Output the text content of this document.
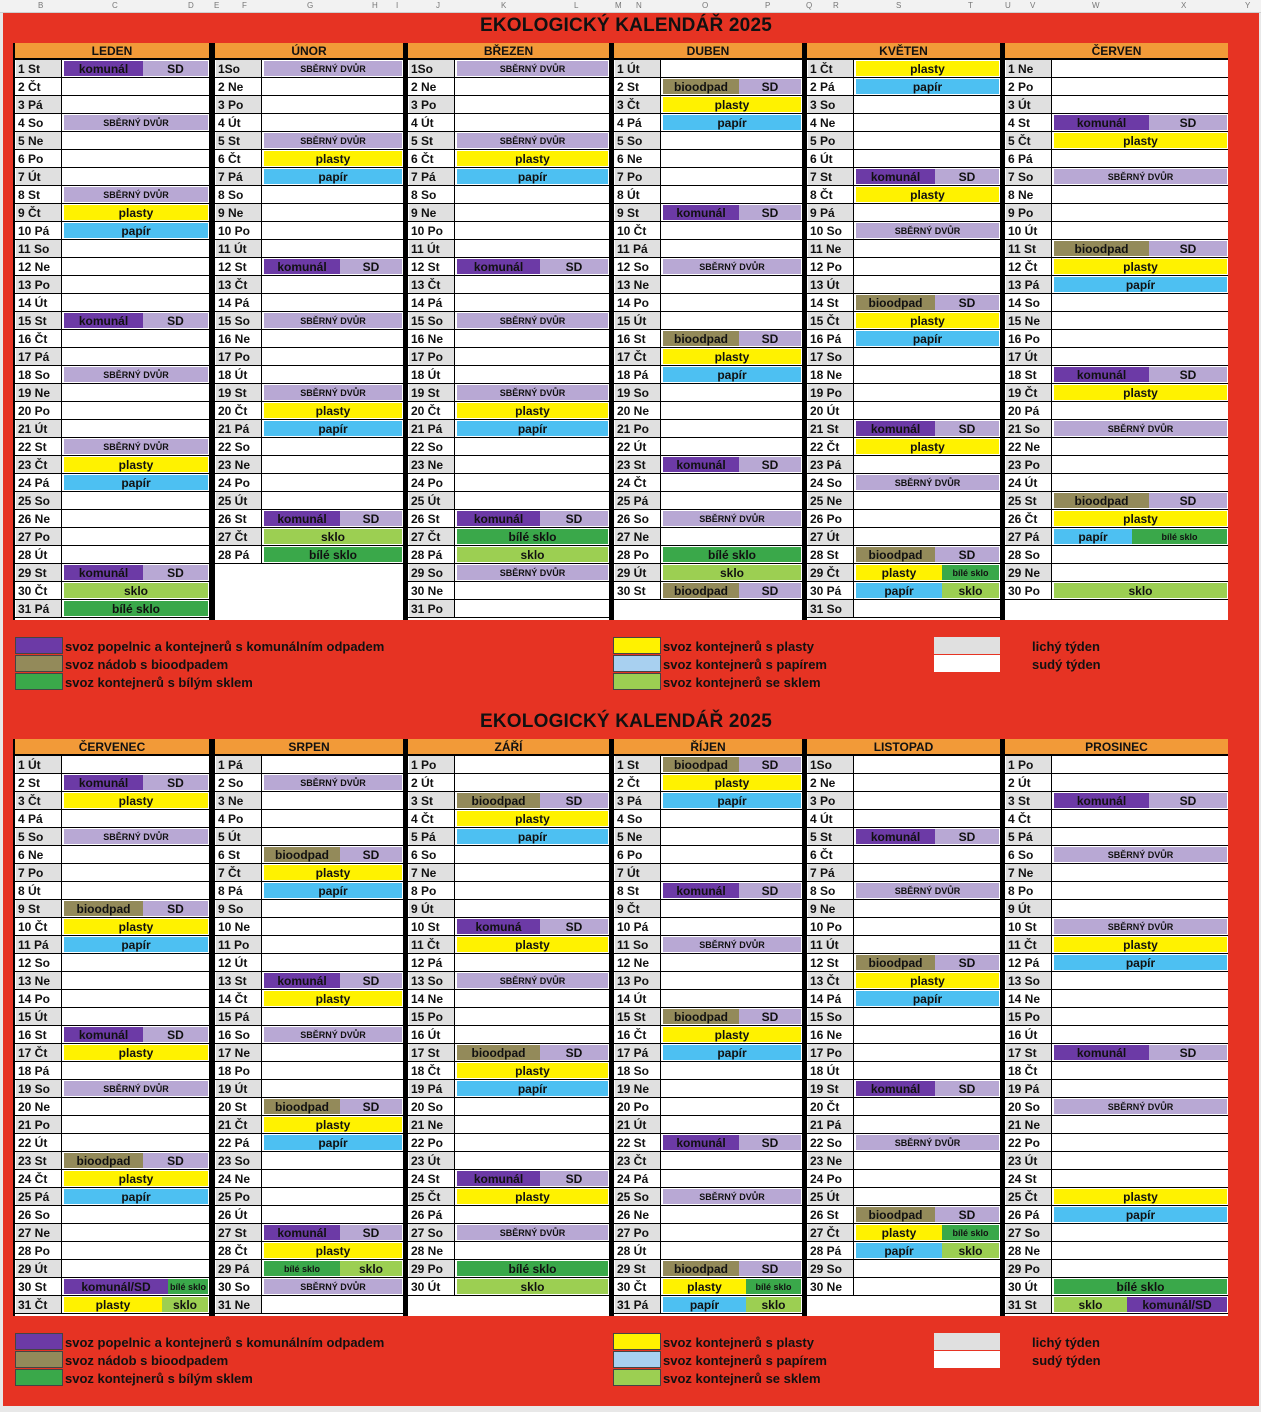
B	C	D	E	F	G	H I	J	K	L	M N	O	P	Q	R	S	T	U V	W	X	Y
EKOLOGICKÝ KALENDÁŘ 2025
LEDEN
1 St	komunál	SD
2 Čt
3 Pá
4 So	SBĚRNÝ DVŮR
5 Ne
6 Po
7 Út
8 St	SBĚRNÝ DVŮR
9 Čt	plasty
10 Pá	papír
11 So
12 Ne
13 Po
14 Út
15 St	komunál	SD
16 Čt
17 Pá
18 So	SBĚRNÝ DVŮR
19 Ne
20 Po
21 Út
22 St	SBĚRNÝ DVŮR
23 Čt	plasty
24 Pá	papír
25 So
26 Ne
27 Po
28 Út
29 St	komunál	SD
30 Čt	sklo
31 Pá	bílé sklo
ÚNOR
1So	SBĚRNÝ DVŮR
2 Ne
3 Po
4 Út
5 St	SBĚRNÝ DVŮR
6 Čt	plasty
7 Pá	papír
8 So
9 Ne
10 Po
11 Út
12 St	komunál	SD
13 Čt
14 Pá
15 So	SBĚRNÝ DVŮR
16 Ne
17 Po
18 Út
19 St	SBĚRNÝ DVŮR
20 Čt	plasty
21 Pá	papír
22 So
23 Ne
24 Po
25 Út
26 St	komunál	SD
27 Čt	sklo
28 Pá	bílé sklo
BŘEZEN
1So	SBĚRNÝ DVŮR
2 Ne
3 Po
4 Út
5 St	SBĚRNÝ DVŮR
6 Čt	plasty
7 Pá	papír
8 So
9 Ne
10 Po
11 Út
12 St	komunál	SD
13 Čt
14 Pá
15 So	SBĚRNÝ DVŮR
16 Ne
17 Po
18 Út
19 St	SBĚRNÝ DVŮR
20 Čt	plasty
21 Pá	papír
22 So
23 Ne
24 Po
25 Út
26 St	komunál	SD
27 Čt	bílé sklo
28 Pá	sklo
29 So	SBĚRNÝ DVŮR
30 Ne
31 Po
DUBEN
1 Út
2 St	bioodpad	SD
3 Čt	plasty
4 Pá	papír
5 So
6 Ne
7 Po
8 Út
9 St	komunál	SD
10 Čt
11 Pá
12 So	SBĚRNÝ DVŮR
13 Ne
14 Po
15 Út
16 St	bioodpad	SD
17 Čt	plasty
18 Pá	papír
19 So
20 Ne
21 Po
22 Út
23 St	komunál	SD
24 Čt
25 Pá
26 So	SBĚRNÝ DVŮR
27 Ne
28 Po	bílé sklo
29 Út	sklo
30 St	bioodpad	SD
KVĚTEN
1 Čt	plasty
2 Pá	papír
3 So
4 Ne
5 Po
6 Út
7 St	komunál	SD
8 Čt	plasty
9 Pá
10 So	SBĚRNÝ DVŮR
11 Ne
12 Po
13 Út
14 St	bioodpad	SD
15 Čt	plasty
16 Pá	papír
17 So
18 Ne
19 Po
20 Út
21 St	komunál	SD
22 Čt	plasty
23 Pá
24 So	SBĚRNÝ DVŮR
25 Ne
26 Po
27 Út
28 St	bioodpad	SD
29 Čt	plasty	bílé sklo
30 Pá	papír	sklo
31 So
ČERVEN
1 Ne
2 Po
3 Út
4 St	komunál	SD
5 Čt	plasty
6 Pá
7 So	SBĚRNÝ DVŮR
8 Ne
9 Po
10 Út
11 St	bioodpad	SD
12 Čt	plasty
13 Pá	papír
14 So
15 Ne
16 Po
17 Út
18 St	komunál	SD
19 Čt	plasty
20 Pá
21 So	SBĚRNÝ DVŮR
22 Ne
23 Po
24 Út
25 St	bioodpad	SD
26 Čt	plasty
27 Pá	papír	bílé sklo
28 So
29 Ne
30 Po	sklo
svoz popelnic a kontejnerů s komunálním odpadem
svoz nádob s bioodpadem
svoz kontejnerů s bílým sklem
svoz kontejnerů s plasty
svoz kontejnerů s papírem
svoz kontejnerů se sklem
lichý týden
sudý týden
EKOLOGICKÝ KALENDÁŘ 2025
ČERVENEC
1 Út
2 St	komunál	SD
3 Čt	plasty
4 Pá
5 So	SBĚRNÝ DVŮR
6 Ne
7 Po
8 Út
9 St	bioodpad	SD
10 Čt	plasty
11 Pá	papír
12 So
13 Ne
14 Po
15 Út
16 St	komunál	SD
17 Čt	plasty
18 Pá
19 So	SBĚRNÝ DVŮR
20 Ne
21 Po
22 Út
23 St	bioodpad	SD
24 Čt	plasty
25 Pá	papír
26 So
27 Ne
28 Po
29 Út
30 St	komunál/SD	bílé sklo
31 Čt	plasty	sklo
SRPEN
1 Pá
2 So	SBĚRNÝ DVŮR
3 Ne
4 Po
5 Út
6 St	bioodpad	SD
7 Čt	plasty
8 Pá	papír
9 So
10 Ne
11 Po
12 Út
13 St	komunál	SD
14 Čt	plasty
15 Pá
16 So	SBĚRNÝ DVŮR
17 Ne
18 Po
19 Út
20 St	bioodpad	SD
21 Čt	plasty
22 Pá	papír
23 So
24 Ne
25 Po
26 Út
27 St	komunál	SD
28 Čt	plasty
29 Pá	bílé sklo	sklo
30 So	SBĚRNÝ DVŮR
31 Ne
ZÁŘÍ
1 Po
2 Út
3 St	bioodpad	SD
4 Čt	plasty
5 Pá	papír
6 So
7 Ne
8 Po
9 Út
10 St	komuná	SD
11 Čt	plasty
12 Pá
13 So	SBĚRNÝ DVŮR
14 Ne
15 Po
16 Út
17 St	bioodpad	SD
18 Čt	plasty
19 Pá	papír
20 So
21 Ne
22 Po
23 Út
24 St	komunál	SD
25 Čt	plasty
26 Pá
27 So	SBĚRNÝ DVŮR
28 Ne
29 Po	bílé sklo
30 Út	sklo
ŘÍJEN
1 St	bioodpad	SD
2 Čt	plasty
3 Pá	papír
4 So
5 Ne
6 Po
7 Út
8 St	komunál	SD
9 Čt
10 Pá
11 So	SBĚRNÝ DVŮR
12 Ne
13 Po
14 Út
15 St	bioodpad	SD
16 Čt	plasty
17 Pá	papír
18 So
19 Ne
20 Po
21 Út
22 St	komunál	SD
23 Čt
24 Pá
25 So	SBĚRNÝ DVŮR
26 Ne
27 Po
28 Út
29 St	bioodpad	SD
30 Čt	plasty	bílé sklo
31 Pá	papír	sklo
LISTOPAD
1So
2 Ne
3 Po
4 Út
5 St	komunál	SD
6 Čt
7 Pá
8 So	SBĚRNÝ DVŮR
9 Ne
10 Po
11 Út
12 St	bioodpad	SD
13 Čt	plasty
14 Pá	papír
15 So
16 Ne
17 Po
18 Út
19 St	komunál	SD
20 Čt
21 Pá
22 So	SBĚRNÝ DVŮR
23 Ne
24 Po
25 Út
26 St	bioodpad	SD
27 Čt	plasty	bílé sklo
28 Pá	papír	sklo
29 So
30 Ne
PROSINEC
1 Po
2 Út
3 St	komunál	SD
4 Čt
5 Pá
6 So	SBĚRNÝ DVŮR
7 Ne
8 Po
9 Út
10 St	SBĚRNÝ DVŮR
11 Čt	plasty
12 Pá	papír
13 So
14 Ne
15 Po
16 Út
17 St	komunál	SD
18 Čt
19 Pá
20 So	SBĚRNÝ DVŮR
21 Ne
22 Po
23 Út
24 St
25 Čt	plasty
26 Pá	papír
27 So
28 Ne
29 Po
30 Út	bílé sklo
31 St	sklo	komunál/SD
svoz popelnic a kontejnerů s komunálním odpadem
svoz nádob s bioodpadem
svoz kontejnerů s bílým sklem
svoz kontejnerů s plasty
svoz kontejnerů s papírem
svoz kontejnerů se sklem
lichý týden
sudý týden
